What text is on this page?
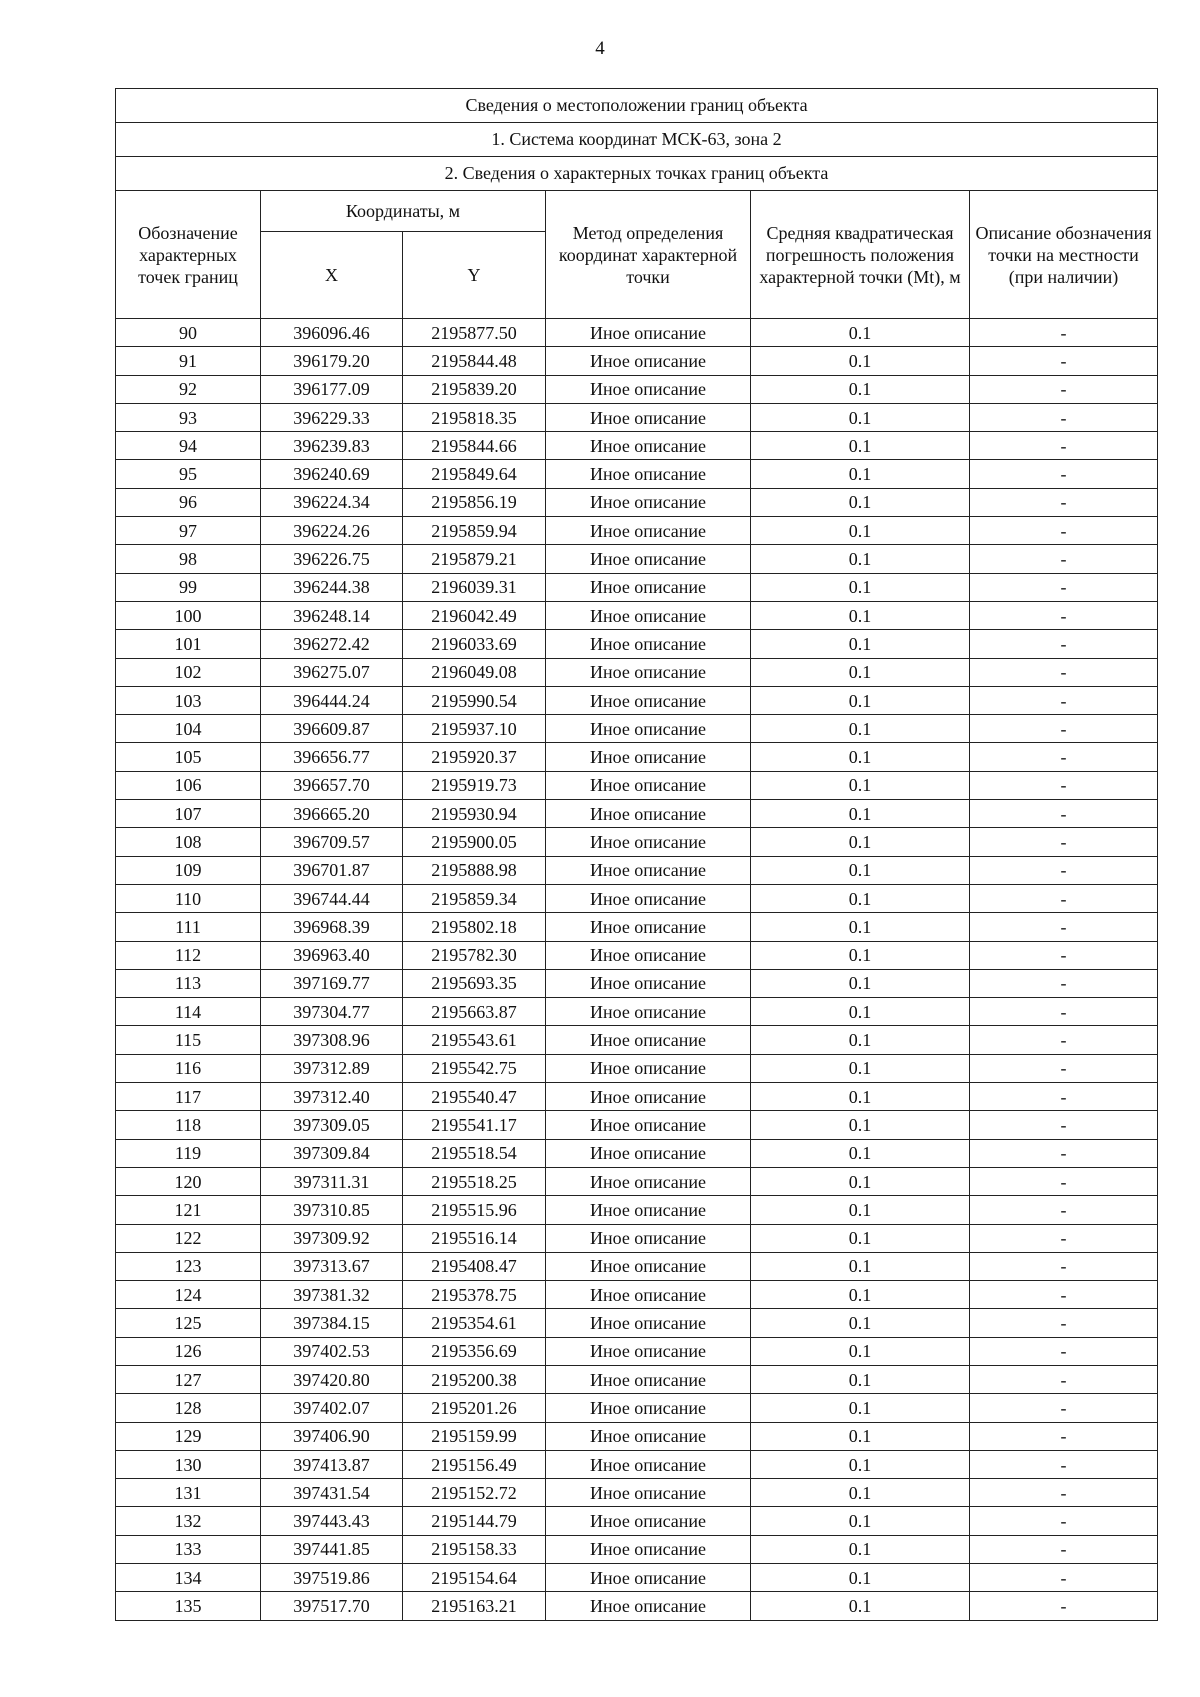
4
Сведения о местоположении границ объекта					
1. Система координат МСК-63, зона 2					
2. Сведения о характерных точках границ объекта					
Обозначение характерных точек границ	Координаты, м		Метод определения координат характерной точки	Средняя квадратическая погрешность положения характерной точки (Mt), м	Описание обозначения точки на местности (при наличии)
	X	Y			
90	396096.46	2195877.50	Иное описание	0.1	-
91	396179.20	2195844.48	Иное описание	0.1	-
92	396177.09	2195839.20	Иное описание	0.1	-
93	396229.33	2195818.35	Иное описание	0.1	-
94	396239.83	2195844.66	Иное описание	0.1	-
95	396240.69	2195849.64	Иное описание	0.1	-
96	396224.34	2195856.19	Иное описание	0.1	-
97	396224.26	2195859.94	Иное описание	0.1	-
98	396226.75	2195879.21	Иное описание	0.1	-
99	396244.38	2196039.31	Иное описание	0.1	-
100	396248.14	2196042.49	Иное описание	0.1	-
101	396272.42	2196033.69	Иное описание	0.1	-
102	396275.07	2196049.08	Иное описание	0.1	-
103	396444.24	2195990.54	Иное описание	0.1	-
104	396609.87	2195937.10	Иное описание	0.1	-
105	396656.77	2195920.37	Иное описание	0.1	-
106	396657.70	2195919.73	Иное описание	0.1	-
107	396665.20	2195930.94	Иное описание	0.1	-
108	396709.57	2195900.05	Иное описание	0.1	-
109	396701.87	2195888.98	Иное описание	0.1	-
110	396744.44	2195859.34	Иное описание	0.1	-
111	396968.39	2195802.18	Иное описание	0.1	-
112	396963.40	2195782.30	Иное описание	0.1	-
113	397169.77	2195693.35	Иное описание	0.1	-
114	397304.77	2195663.87	Иное описание	0.1	-
115	397308.96	2195543.61	Иное описание	0.1	-
116	397312.89	2195542.75	Иное описание	0.1	-
117	397312.40	2195540.47	Иное описание	0.1	-
118	397309.05	2195541.17	Иное описание	0.1	-
119	397309.84	2195518.54	Иное описание	0.1	-
120	397311.31	2195518.25	Иное описание	0.1	-
121	397310.85	2195515.96	Иное описание	0.1	-
122	397309.92	2195516.14	Иное описание	0.1	-
123	397313.67	2195408.47	Иное описание	0.1	-
124	397381.32	2195378.75	Иное описание	0.1	-
125	397384.15	2195354.61	Иное описание	0.1	-
126	397402.53	2195356.69	Иное описание	0.1	-
127	397420.80	2195200.38	Иное описание	0.1	-
128	397402.07	2195201.26	Иное описание	0.1	-
129	397406.90	2195159.99	Иное описание	0.1	-
130	397413.87	2195156.49	Иное описание	0.1	-
131	397431.54	2195152.72	Иное описание	0.1	-
132	397443.43	2195144.79	Иное описание	0.1	-
133	397441.85	2195158.33	Иное описание	0.1	-
134	397519.86	2195154.64	Иное описание	0.1	-
135	397517.70	2195163.21	Иное описание	0.1	-
